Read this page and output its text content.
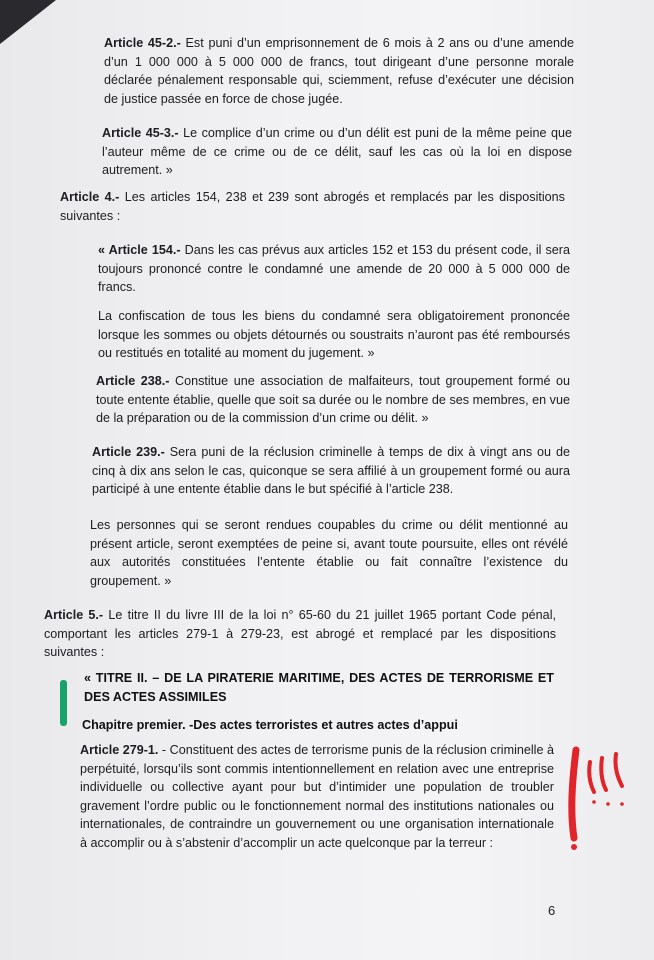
Article 45-2.- Est puni d’un emprisonnement de 6 mois à 2 ans ou d’une amende d’un 1 000 000 à 5 000 000 de francs, tout dirigeant d’une personne morale déclarée pénalement responsable qui, sciemment, refuse d’exécuter une décision de justice passée en force de chose jugée.

Article 45-3.- Le complice d’un crime ou d’un délit est puni de la même peine que l’auteur même de ce crime ou de ce délit, sauf les cas où la loi en dispose autrement. »

Article 4.- Les articles 154, 238 et 239 sont abrogés et remplacés par les dispositions suivantes :

« Article 154.- Dans les cas prévus aux articles 152 et 153 du présent code, il sera toujours prononcé contre le condamné une amende de 20 000 à 5 000 000 de francs.

La confiscation de tous les biens du condamné sera obligatoirement prononcée lorsque les sommes ou objets détournés ou soustraits n’auront pas été remboursés ou restitués en totalité au moment du jugement. »

Article 238.- Constitue une association de malfaiteurs, tout groupement formé ou toute entente établie, quelle que soit sa durée ou le nombre de ses membres, en vue de la préparation ou de la commission d’un crime ou délit. »

Article 239.- Sera puni de la réclusion criminelle à temps de dix à vingt ans ou de cinq à dix ans selon le cas, quiconque se sera affilié à un groupement formé ou aura participé à une entente établie dans le but spécifié à l’article 238.

Les personnes qui se seront rendues coupables du crime ou délit mentionné au présent article, seront exemptées de peine si, avant toute poursuite, elles ont révélé aux autorités constituées l’entente établie ou fait connaître l’existence du groupement. »

Article 5.- Le titre II du livre III de la loi n° 65-60 du 21 juillet 1965 portant Code pénal, comportant les articles 279-1 à 279-23, est abrogé et remplacé par les dispositions suivantes :

« TITRE II. – DE LA PIRATERIE MARITIME, DES ACTES DE TERRORISME ET DES ACTES ASSIMILES

Chapitre premier. -Des actes terroristes et autres actes d’appui

Article 279-1. - Constituent des actes de terrorisme punis de la réclusion criminelle à perpétuité, lorsqu’ils sont commis intentionnellement en relation avec une entreprise individuelle ou collective ayant pour but d’intimider une population de troubler gravement l’ordre public ou le fonctionnement normal des institutions nationales ou internationales, de contraindre un gouvernement ou une organisation internationale à accomplir ou à s’abstenir d’accomplir un acte quelconque par la terreur :

6
